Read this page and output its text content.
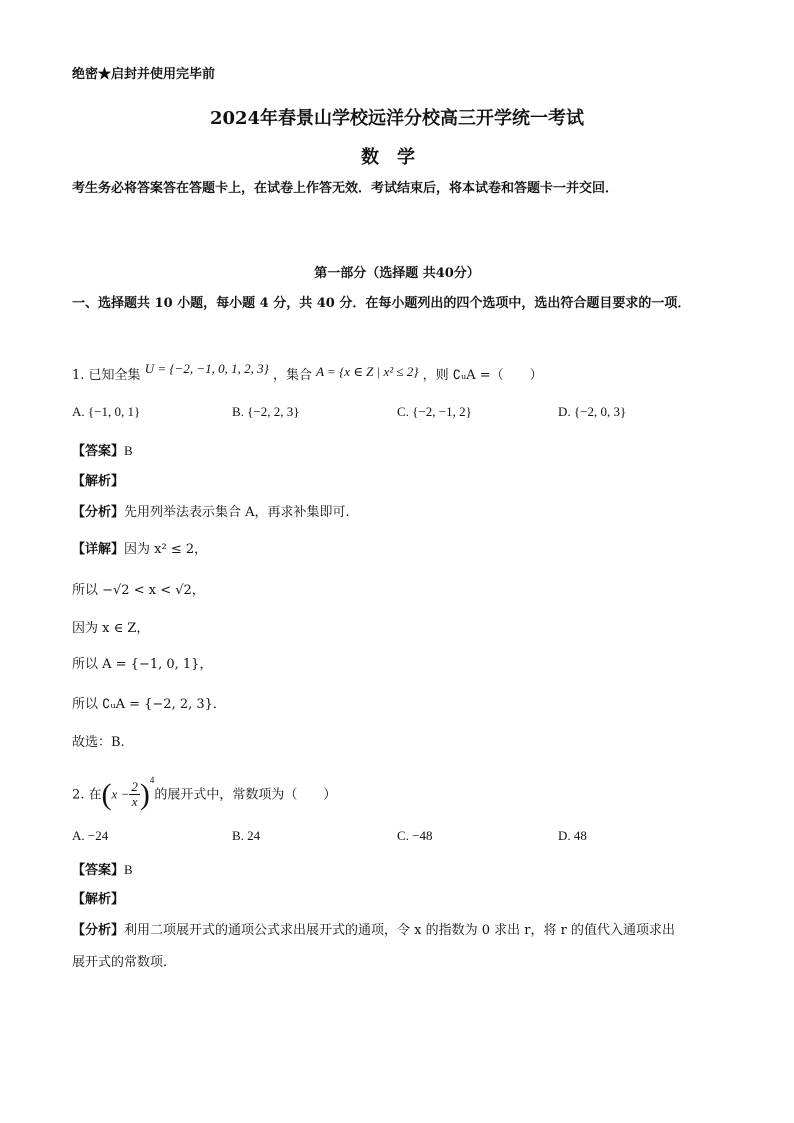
绝密★启封并使用完毕前
2024年春景山学校远洋分校高三开学统一考试
数学
考生务必将答案答在答题卡上，在试卷上作答无效．考试结束后，将本试卷和答题卡一并交回．
第一部分（选择题 共40分）
一、选择题共 10 小题，每小题 4 分，共 40 分．在每小题列出的四个选项中，选出符合题目要求的一项．
1. 已知全集 U = {−2, −1, 0, 1, 2, 3} ，集合 A = {x ∈ Z | x² ≤ 2} ，则 ∁ᵤA =（　　）
A. {−1, 0, 1}	B. {−2, 2, 3}	C. {−2, −1, 2}	D. {−2, 0, 3}
【答案】B
【解析】
【分析】先用列举法表示集合 A，再求补集即可.
【详解】因为 x² ≤ 2，
所以 −√2 < x < √2，
因为 x ∈ Z，
所以 A = {−1, 0, 1}，
所以 ∁ᵤA = {−2, 2, 3}．
故选：B.
2. 在$(x - \frac{2}{x} )^4$的展开式中，常数项为（　　）
A. −24	B. 24	C. −48	D. 48
【答案】B
【解析】
【分析】利用二项展开式的通项公式求出展开式的通项，令 x 的指数为 0 求出 r，将 r 的值代入通项求出
展开式的常数项．
